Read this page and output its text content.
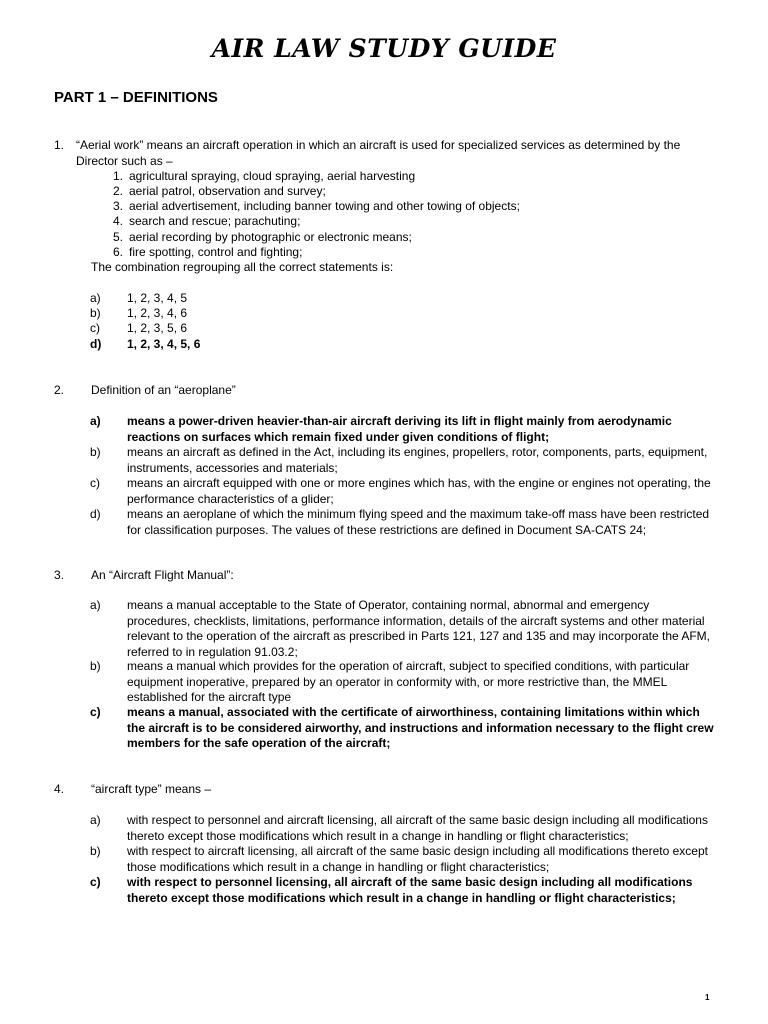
AIR LAW STUDY GUIDE
PART 1 – DEFINITIONS
1. “Aerial work” means an aircraft operation in which an aircraft is used for specialized services as determined by the Director such as –
1. agricultural spraying, cloud spraying, aerial harvesting
2. aerial patrol, observation and survey;
3. aerial advertisement, including banner towing and other towing of objects;
4. search and rescue; parachuting;
5. aerial recording by photographic or electronic means;
6. fire spotting, control and fighting;
The combination regrouping all the correct statements is:
a) 1, 2, 3, 4, 5
b) 1, 2, 3, 4, 6
c) 1, 2, 3, 5, 6
d) 1, 2, 3, 4, 5, 6
2. Definition of an “aeroplane”
a) means a power-driven heavier-than-air aircraft deriving its lift in flight mainly from aerodynamic reactions on surfaces which remain fixed under given conditions of flight;
b) means an aircraft as defined in the Act, including its engines, propellers, rotor, components, parts, equipment, instruments, accessories and materials;
c) means an aircraft equipped with one or more engines which has, with the engine or engines not operating, the performance characteristics of a glider;
d) means an aeroplane of which the minimum flying speed and the maximum take-off mass have been restricted for classification purposes. The values of these restrictions are defined in Document SA-CATS 24;
3. An “Aircraft Flight Manual”:
a) means a manual acceptable to the State of Operator, containing normal, abnormal and emergency procedures, checklists, limitations, performance information, details of the aircraft systems and other material relevant to the operation of the aircraft as prescribed in Parts 121, 127 and 135 and may incorporate the AFM, referred to in regulation 91.03.2;
b) means a manual which provides for the operation of aircraft, subject to specified conditions, with particular equipment inoperative, prepared by an operator in conformity with, or more restrictive than, the MMEL established for the aircraft type
c) means a manual, associated with the certificate of airworthiness, containing limitations within which the aircraft is to be considered airworthy, and instructions and information necessary to the flight crew members for the safe operation of the aircraft;
4. “aircraft type” means –
a) with respect to personnel and aircraft licensing, all aircraft of the same basic design including all modifications thereto except those modifications which result in a change in handling or flight characteristics;
b) with respect to aircraft licensing, all aircraft of the same basic design including all modifications thereto except those modifications which result in a change in handling or flight characteristics;
c) with respect to personnel licensing, all aircraft of the same basic design including all modifications thereto except those modifications which result in a change in handling or flight characteristics;
1
